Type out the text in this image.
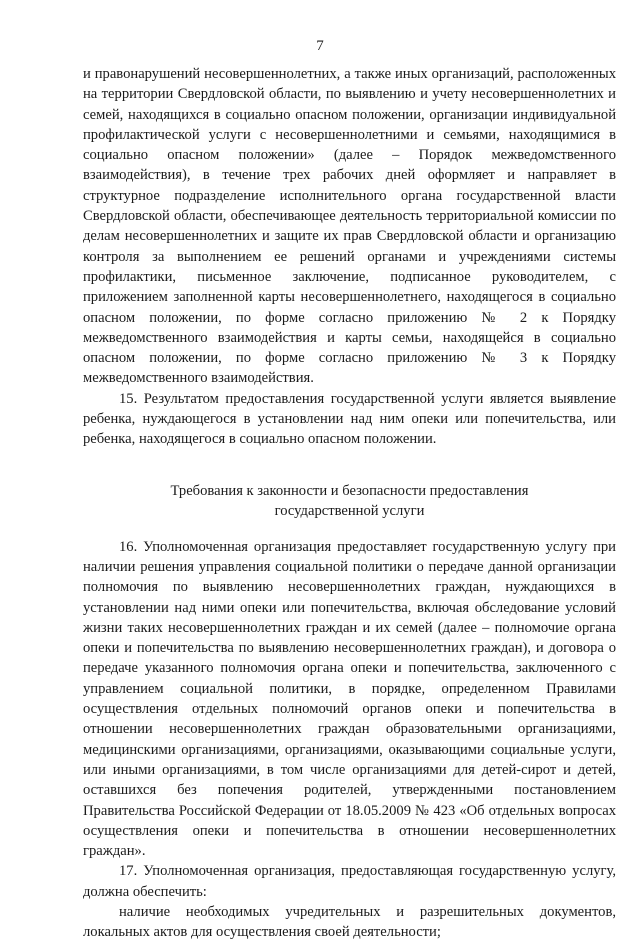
7

и правонарушений несовершеннолетних, а также иных организаций, расположенных на территории Свердловской области, по выявлению и учету несовершеннолетних и семей, находящихся в социально опасном положении, организации индивидуальной профилактической услуги с несовершеннолетними и семьями, находящимися в социально опасном положении» (далее – Порядок межведомственного взаимодействия), в течение трех рабочих дней оформляет и направляет в структурное подразделение исполнительного органа государственной власти Свердловской области, обеспечивающее деятельность территориальной комиссии по делам несовершеннолетних и защите их прав Свердловской области и организацию контроля за выполнением ее решений органами и учреждениями системы профилактики, письменное заключение, подписанное руководителем, с приложением заполненной карты несовершеннолетнего, находящегося в социально опасном положении, по форме согласно приложению № 2 к Порядку межведомственного взаимодействия и карты семьи, находящейся в социально опасном положении, по форме согласно приложению № 3 к Порядку межведомственного взаимодействия.

15. Результатом предоставления государственной услуги является выявление ребенка, нуждающегося в установлении над ним опеки или попечительства, или ребенка, находящегося в социально опасном положении.

Требования к законности и безопасности предоставления

государственной услуги

16. Уполномоченная организация предоставляет государственную услугу при наличии решения управления социальной политики о передаче данной организации полномочия по выявлению несовершеннолетних граждан, нуждающихся в установлении над ними опеки или попечительства, включая обследование условий жизни таких несовершеннолетних граждан и их семей (далее – полномочие органа опеки и попечительства по выявлению несовершеннолетних граждан), и договора о передаче указанного полномочия органа опеки и попечительства, заключенного с управлением социальной политики, в порядке, определенном Правилами осуществления отдельных полномочий органов опеки и попечительства в отношении несовершеннолетних граждан образовательными организациями, медицинскими организациями, организациями, оказывающими социальные услуги, или иными организациями, в том числе организациями для детей-сирот и детей, оставшихся без попечения родителей, утвержденными постановлением Правительства Российской Федерации от 18.05.2009 № 423 «Об отдельных вопросах осуществления опеки и попечительства в отношении несовершеннолетних граждан».

17. Уполномоченная организация, предоставляющая государственную услугу, должна обеспечить:

наличие необходимых учредительных и разрешительных документов, локальных актов для осуществления своей деятельности;
